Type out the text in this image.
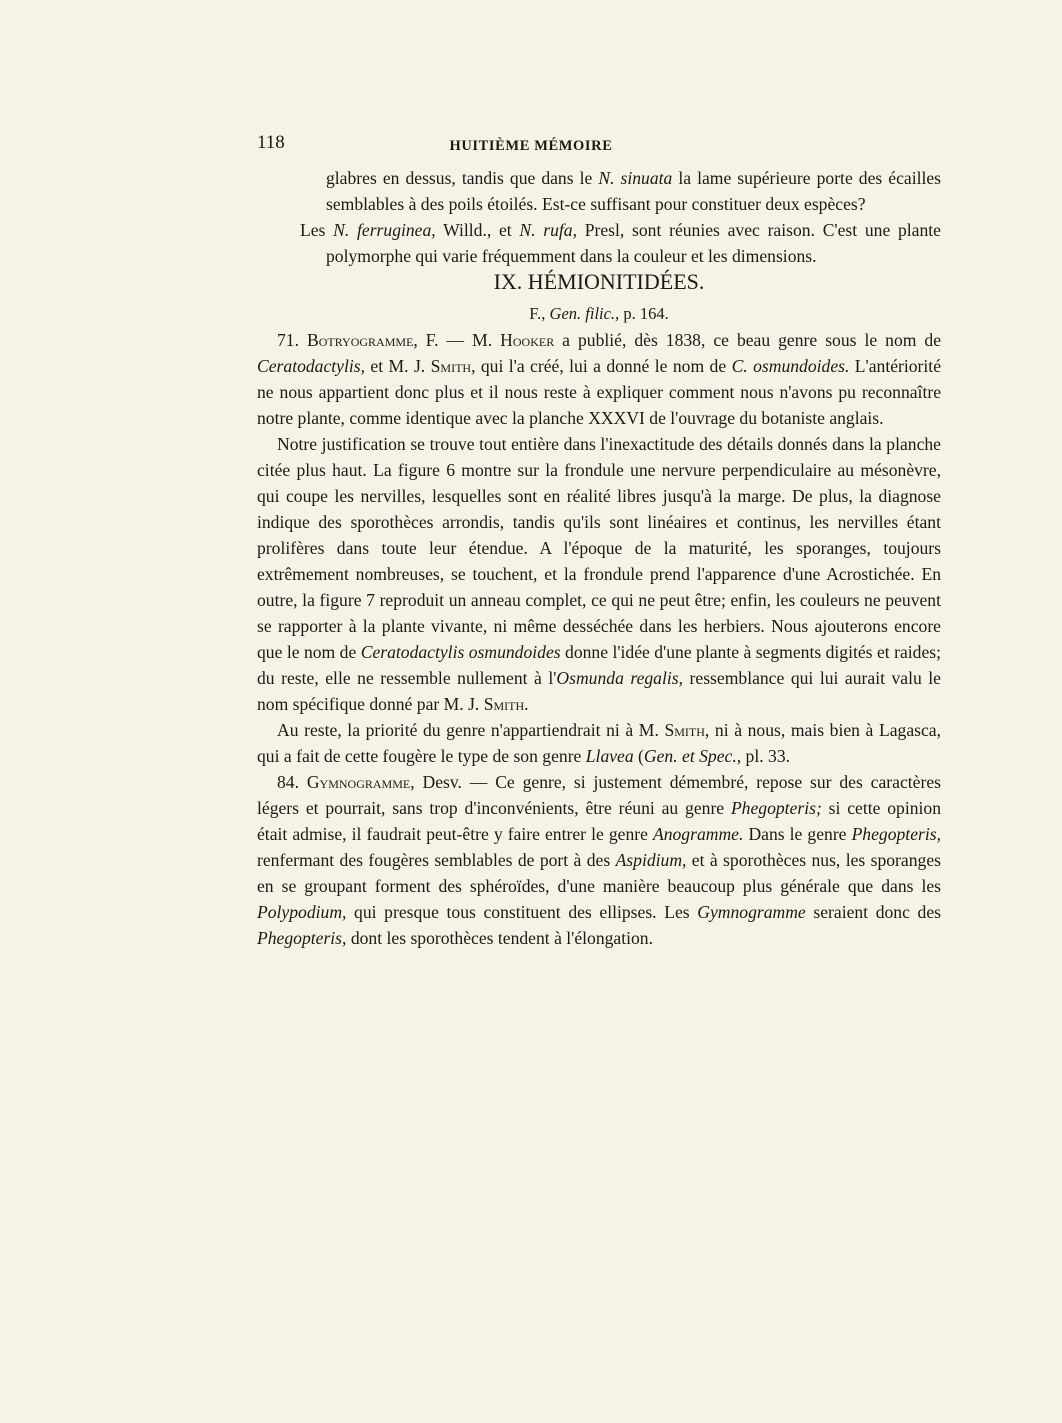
118	HUITIÈME MÉMOIRE

glabres en dessus, tandis que dans le N. sinuata la lame supérieure porte des écailles semblables à des poils étoilés. Est-ce suffisant pour constituer deux espèces?

Les N. ferruginea, Willd., et N. rufa, Presl, sont réunies avec raison. C'est une plante polymorphe qui varie fréquemment dans la couleur et les dimensions.

IX. HÉMIONITIDÉES.
F., Gen. filic., p. 164.

71. Botryogramme, F. — M. Hooker a publié, dès 1838, ce beau genre sous le nom de Ceratodactylis, et M. J. Smith, qui l'a créé, lui a donné le nom de C. osmundoides. L'antériorité ne nous appartient donc plus et il nous reste à expliquer comment nous n'avons pu reconnaître notre plante, comme identique avec la planche XXXVI de l'ouvrage du botaniste anglais.

Notre justification se trouve tout entière dans l'inexactitude des détails donnés dans la planche citée plus haut. La figure 6 montre sur la frondule une nervure perpendiculaire au mésonèvre, qui coupe les nervilles, lesquelles sont en réalité libres jusqu'à la marge. De plus, la diagnose indique des sporothèces arrondis, tandis qu'ils sont linéaires et continus, les nervilles étant prolifères dans toute leur étendue. A l'époque de la maturité, les sporanges, toujours extrêmement nombreuses, se touchent, et la frondule prend l'apparence d'une Acrostichée. En outre, la figure 7 reproduit un anneau complet, ce qui ne peut être; enfin, les couleurs ne peuvent se rapporter à la plante vivante, ni même desséchée dans les herbiers. Nous ajouterons encore que le nom de Ceratodactylis osmundoides donne l'idée d'une plante à segments digités et raides; du reste, elle ne ressemble nullement à l'Osmunda regalis, ressemblance qui lui aurait valu le nom spécifique donné par M. J. Smith.

Au reste, la priorité du genre n'appartiendrait ni à M. Smith, ni à nous, mais bien à Lagasca, qui a fait de cette fougère le type de son genre Llavea (Gen. et Spec., pl. 33.

84. Gymnogramme, Desv. — Ce genre, si justement démembré, repose sur des caractères légers et pourrait, sans trop d'inconvénients, être réuni au genre Phegopteris; si cette opinion était admise, il faudrait peut-être y faire entrer le genre Anogramme. Dans le genre Phegopteris, renfermant des fougères semblables de port à des Aspidium, et à sporothèces nus, les sporanges en se groupant forment des sphéroïdes, d'une manière beaucoup plus générale que dans les Polypodium, qui presque tous constituent des ellipses. Les Gymnogramme seraient donc des Phegopteris, dont les sporothèces tendent à l'élongation.
